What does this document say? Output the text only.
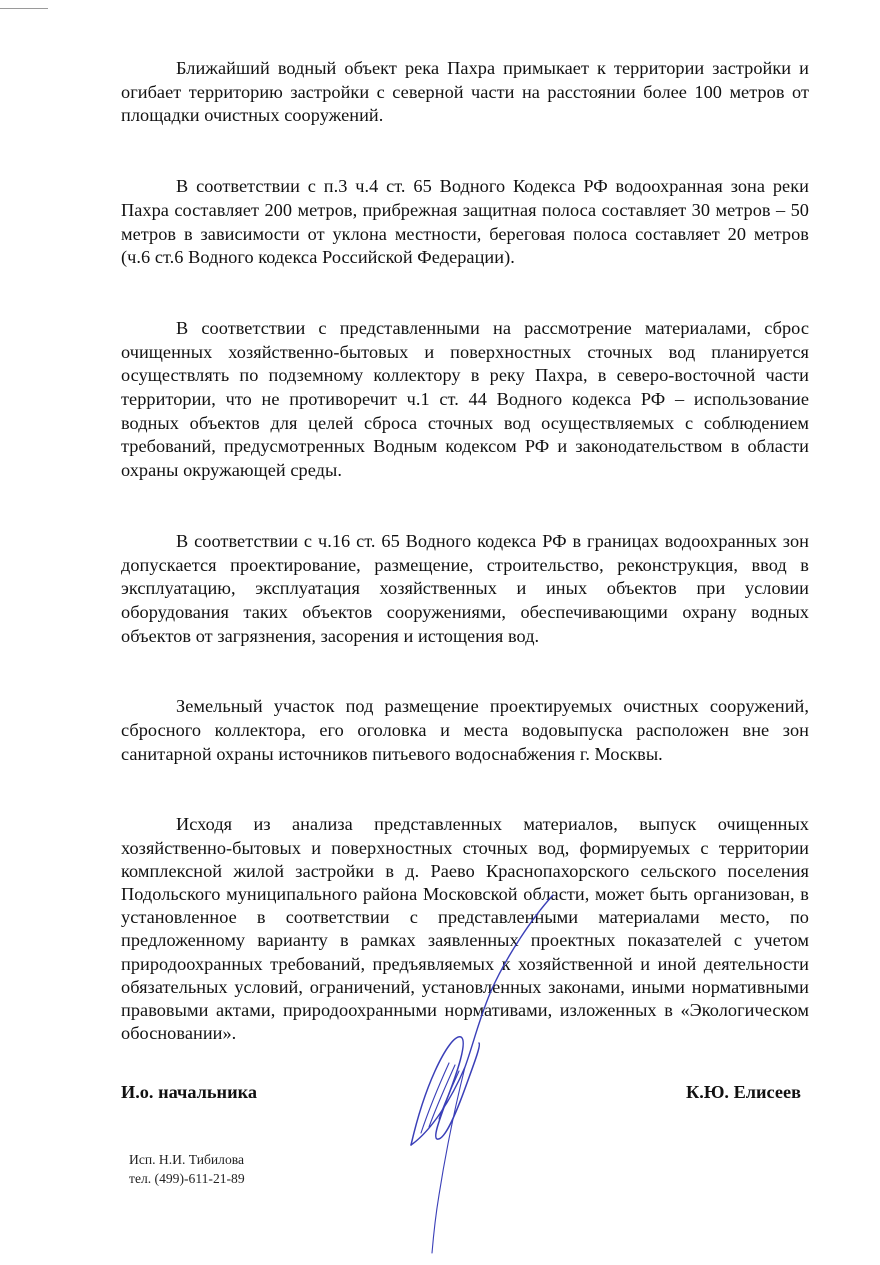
Ближайший водный объект река Пахра примыкает к территории застройки и огибает территорию застройки с северной части на расстоянии более 100 метров от площадки очистных сооружений.

В соответствии с п.3 ч.4 ст. 65 Водного Кодекса РФ водоохранная зона реки Пахра составляет 200 метров, прибрежная защитная полоса составляет 30 метров – 50 метров в зависимости от уклона местности, береговая полоса составляет 20 метров (ч.6 ст.6 Водного кодекса Российской Федерации).

В соответствии с представленными на рассмотрение материалами, сброс очищенных хозяйственно-бытовых и поверхностных сточных вод планируется осуществлять по подземному коллектору в реку Пахра, в северо-восточной части территории, что не противоречит ч.1 ст. 44 Водного кодекса РФ – использование водных объектов для целей сброса сточных вод осуществляемых с соблюдением требований, предусмотренных Водным кодексом РФ и законодательством в области охраны окружающей среды.

В соответствии с ч.16 ст. 65 Водного кодекса РФ в границах водоохранных зон допускается проектирование, размещение, строительство, реконструкция, ввод в эксплуатацию, эксплуатация хозяйственных и иных объектов при условии оборудования таких объектов сооружениями, обеспечивающими охрану водных объектов от загрязнения, засорения и истощения вод.

Земельный участок под размещение проектируемых очистных сооружений, сбросного коллектора, его оголовка и места водовыпуска расположен вне зон санитарной охраны источников питьевого водоснабжения г. Москвы.

Исходя из анализа представленных материалов, выпуск очищенных хозяйственно-бытовых и поверхностных сточных вод, формируемых с территории комплексной жилой застройки в д. Раево Краснопахорского сельского поселения Подольского муниципального района Московской области, может быть организован, в установленное в соответствии с представленными материалами место, по предложенному варианту в рамках заявленных проектных показателей с учетом природоохранных требований, предъявляемых к хозяйственной и иной деятельности обязательных условий, ограничений, установленных законами, иными нормативными правовыми актами, природоохранными нормативами, изложенных в «Экологическом обосновании».

И.о. начальника	К.Ю. Елисеев
Исп. Н.И. Тибилова
тел. (499)-611-21-89
